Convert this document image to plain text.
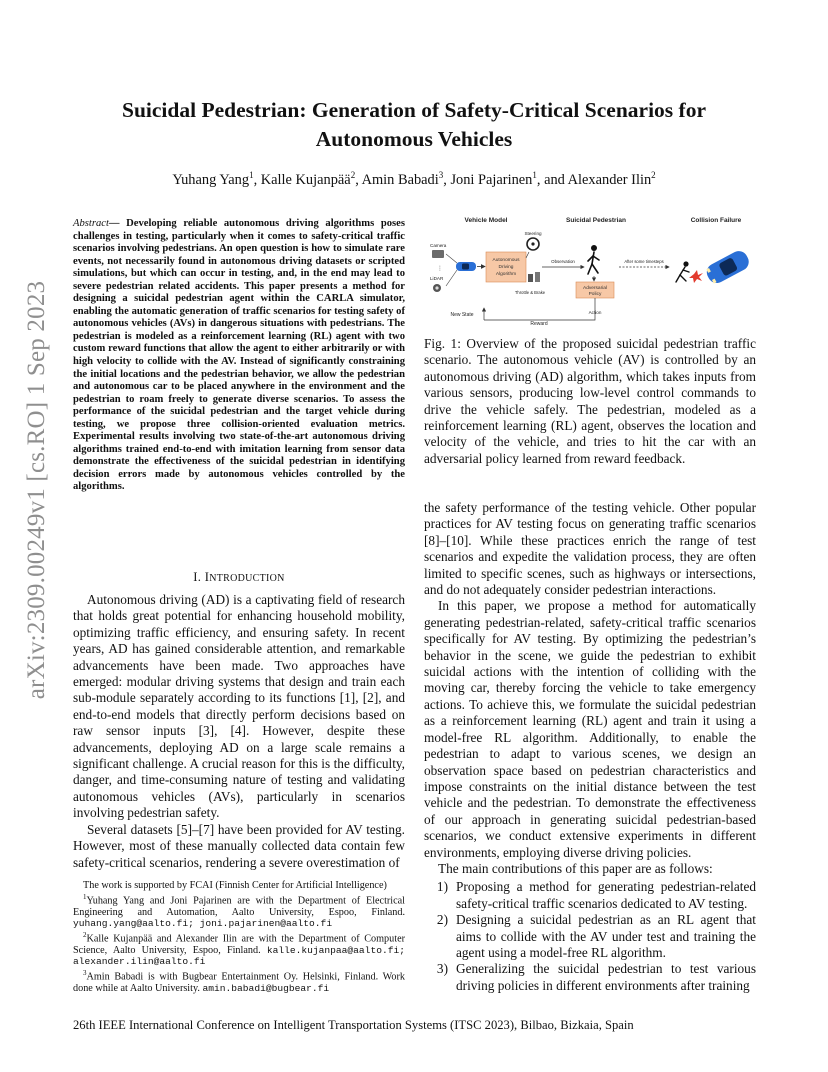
arXiv:2309.00249v1 [cs.RO] 1 Sep 2023
Suicidal Pedestrian: Generation of Safety-Critical Scenarios for Autonomous Vehicles
Yuhang Yang$^1$, Kalle Kujanpää$^2$, Amin Babadi$^3$, Joni Pajarinen$^1$, and Alexander Ilin$^2$

Abstract— Developing reliable autonomous driving algorithms poses challenges in testing, particularly when it comes to safety-critical traffic scenarios involving pedestrians. An open question is how to simulate rare events, not necessarily found in autonomous driving datasets or scripted simulations, but which can occur in testing, and, in the end may lead to severe pedestrian related accidents. This paper presents a method for designing a suicidal pedestrian agent within the CARLA simulator, enabling the automatic generation of traffic scenarios for testing safety of autonomous vehicles (AVs) in dangerous situations with pedestrians. The pedestrian is modeled as a reinforcement learning (RL) agent with two custom reward functions that allow the agent to either arbitrarily or with high velocity to collide with the AV. Instead of significantly constraining the initial locations and the pedestrian behavior, we allow the pedestrian and autonomous car to be placed anywhere in the environment and the pedestrian to roam freely to generate diverse scenarios. To assess the performance of the suicidal pedestrian and the target vehicle during testing, we propose three collision-oriented evaluation metrics. Experimental results involving two state-of-the-art autonomous driving algorithms trained end-to-end with imitation learning from sensor data demonstrate the effectiveness of the suicidal pedestrian in identifying decision errors made by autonomous vehicles controlled by the algorithms.

I. INTRODUCTION

Autonomous driving (AD) is a captivating field of research that holds great potential for enhancing household mobility, optimizing traffic efficiency, and ensuring safety. In recent years, AD has gained considerable attention, and remarkable advancements have been made. Two approaches have emerged: modular driving systems that design and train each sub-module separately according to its functions [1], [2], and end-to-end models that directly perform decisions based on raw sensor inputs [3], [4]. However, despite these advancements, deploying AD on a large scale remains a significant challenge. A crucial reason for this is the difficulty, danger, and time-consuming nature of testing and validating autonomous vehicles (AVs), particularly in scenarios involving pedestrian safety.

Several datasets [5]–[7] have been provided for AV testing. However, most of these manually collected data contain few safety-critical scenarios, rendering a severe overestimation of

The work is supported by FCAI (Finnish Center for Artificial Intelligence)

$^1$Yuhang Yang and Joni Pajarinen are with the Department of Electrical Engineering and Automation, Aalto University, Espoo, Finland. yuhang.yang@aalto.fi; joni.pajarinen@aalto.fi

$^2$Kalle Kujanpää and Alexander Ilin are with the Department of Computer Science, Aalto University, Espoo, Finland. kalle.kujanpaa@aalto.fi; alexander.ilin@aalto.fi

$^3$Amin Babadi is with Bugbear Entertainment Oy. Helsinki, Finland. Work done while at Aalto University. amin.babadi@bugbear.fi

Vehicle Model	Suicidal Pedestrian	Collision Failure
Camera
⋮
LiDAR
Autonomous
Driving
Algorithm
Steering
Throttle & Brake
Observation
Adversarial
Policy
Action
After some timesteps
Reward
New State
Fig. 1: Overview of the proposed suicidal pedestrian traffic scenario. The autonomous vehicle (AV) is controlled by an autonomous driving (AD) algorithm, which takes inputs from various sensors, producing low-level control commands to drive the vehicle safely. The pedestrian, modeled as a reinforcement learning (RL) agent, observes the location and velocity of the vehicle, and tries to hit the car with an adversarial policy learned from reward feedback.

the safety performance of the testing vehicle. Other popular practices for AV testing focus on generating traffic scenarios [8]–[10]. While these practices enrich the range of test scenarios and expedite the validation process, they are often limited to specific scenes, such as highways or intersections, and do not adequately consider pedestrian interactions.

In this paper, we propose a method for automatically generating pedestrian-related, safety-critical traffic scenarios specifically for AV testing. By optimizing the pedestrian’s behavior in the scene, we guide the pedestrian to exhibit suicidal actions with the intention of colliding with the moving car, thereby forcing the vehicle to take emergency actions. To achieve this, we formulate the suicidal pedestrian as a reinforcement learning (RL) agent and train it using a model-free RL algorithm. Additionally, to enable the pedestrian to adapt to various scenes, we design an observation space based on pedestrian characteristics and impose constraints on the initial distance between the test vehicle and the pedestrian. To demonstrate the effectiveness of our approach in generating suicidal pedestrian-based scenarios, we conduct extensive experiments in different environments, employing diverse driving policies.

The main contributions of this paper are as follows:

1) Proposing a method for generating pedestrian-related safety-critical traffic scenarios dedicated to AV testing.
2) Designing a suicidal pedestrian as an RL agent that aims to collide with the AV under test and training the agent using a model-free RL algorithm.
3) Generalizing the suicidal pedestrian to test various driving policies in different environments after training
26th IEEE International Conference on Intelligent Transportation Systems (ITSC 2023), Bilbao, Bizkaia, Spain
